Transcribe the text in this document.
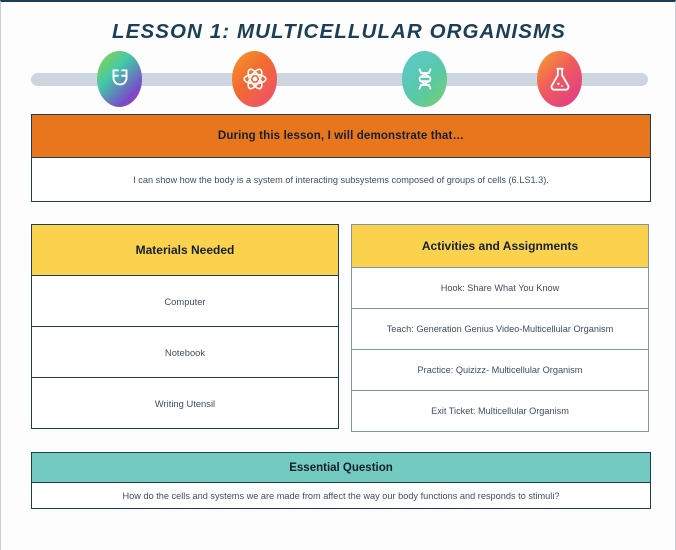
LESSON 1: MULTICELLULAR ORGANISMS
During this lesson, I will demonstrate that…
I can show how the body is a system of interacting subsystems composed of groups of cells (6.LS1.3).
Materials Needed
Computer
Notebook
Writing Utensil
Activities and Assignments
Hook: Share What You Know
Teach: Generation Genius Video-Multicellular Organism
Practice: Quizizz- Multicellular Organism
Exit Ticket: Multicellular Organism
Essential Question
How do the cells and systems we are made from affect the way our body functions and responds to stimuli?
